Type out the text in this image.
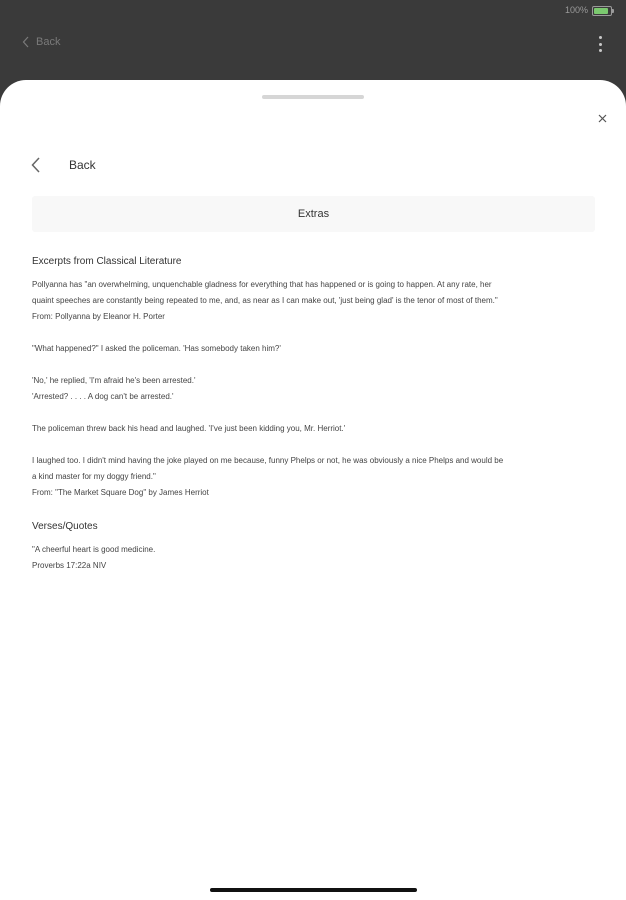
100%
Back
Back
Extras

Excerpts from Classical Literature

Pollyanna has "an overwhelming, unquenchable gladness for everything that has happened or is going to happen. At any rate, her

quaint speeches are constantly being repeated to me, and, as near as I can make out, 'just being glad' is the tenor of most of them."

From: Pollyanna by Eleanor H. Porter

"What happened?" I asked the policeman. 'Has somebody taken him?'

'No,' he replied, 'I'm afraid he's been arrested.'

'Arrested? . . . . A dog can't be arrested.'

The policeman threw back his head and laughed. 'I've just been kidding you, Mr. Herriot.'

I laughed too. I didn't mind having the joke played on me because, funny Phelps or not, he was obviously a nice Phelps and would be

a kind master for my doggy friend."

From: "The Market Square Dog" by James Herriot

Verses/Quotes

"A cheerful heart is good medicine.

Proverbs 17:22a NIV
